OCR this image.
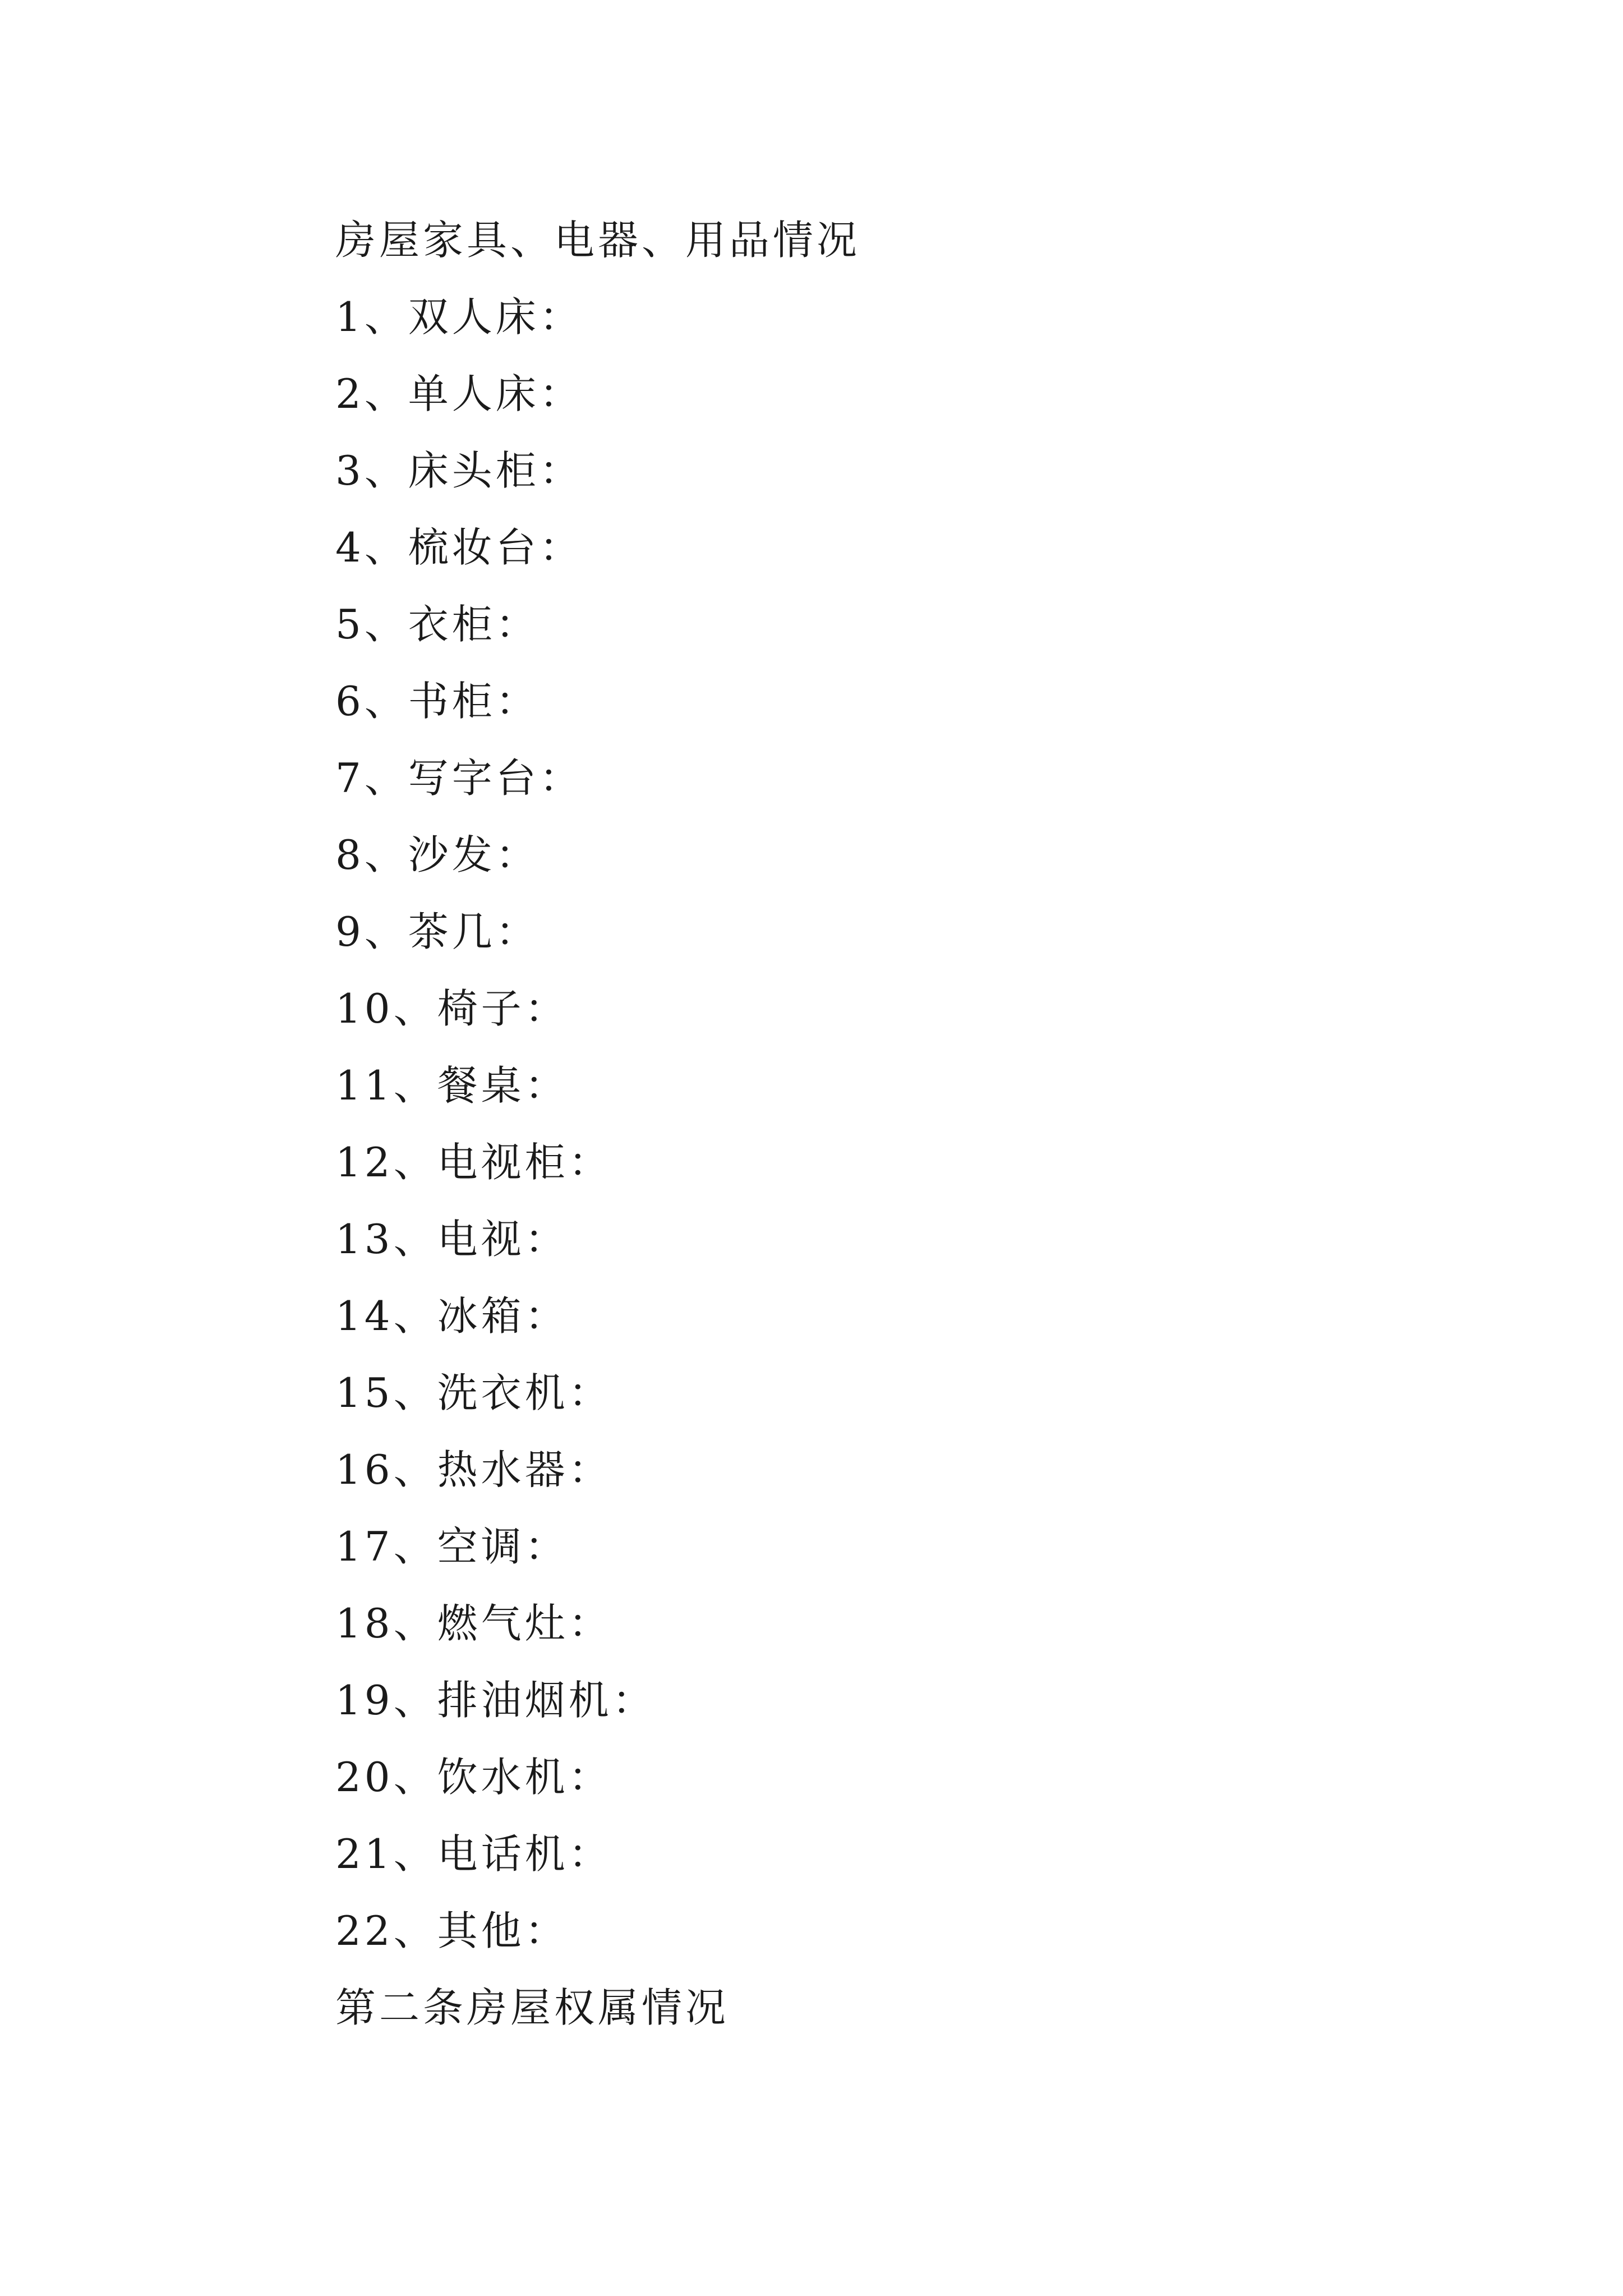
房屋家具、电器、用品情况
1、双人床：
2、单人床：
3、床头柜：
4、梳妆台：
5、衣柜：
6、书柜：
7、写字台：
8、沙发：
9、茶几：
10、椅子：
11、餐桌：
12、电视柜：
13、电视：
14、冰箱：
15、洗衣机：
16、热水器：
17、空调：
18、燃气灶：
19、排油烟机：
20、饮水机：
21、电话机：
22、其他：
第二条房屋权属情况
